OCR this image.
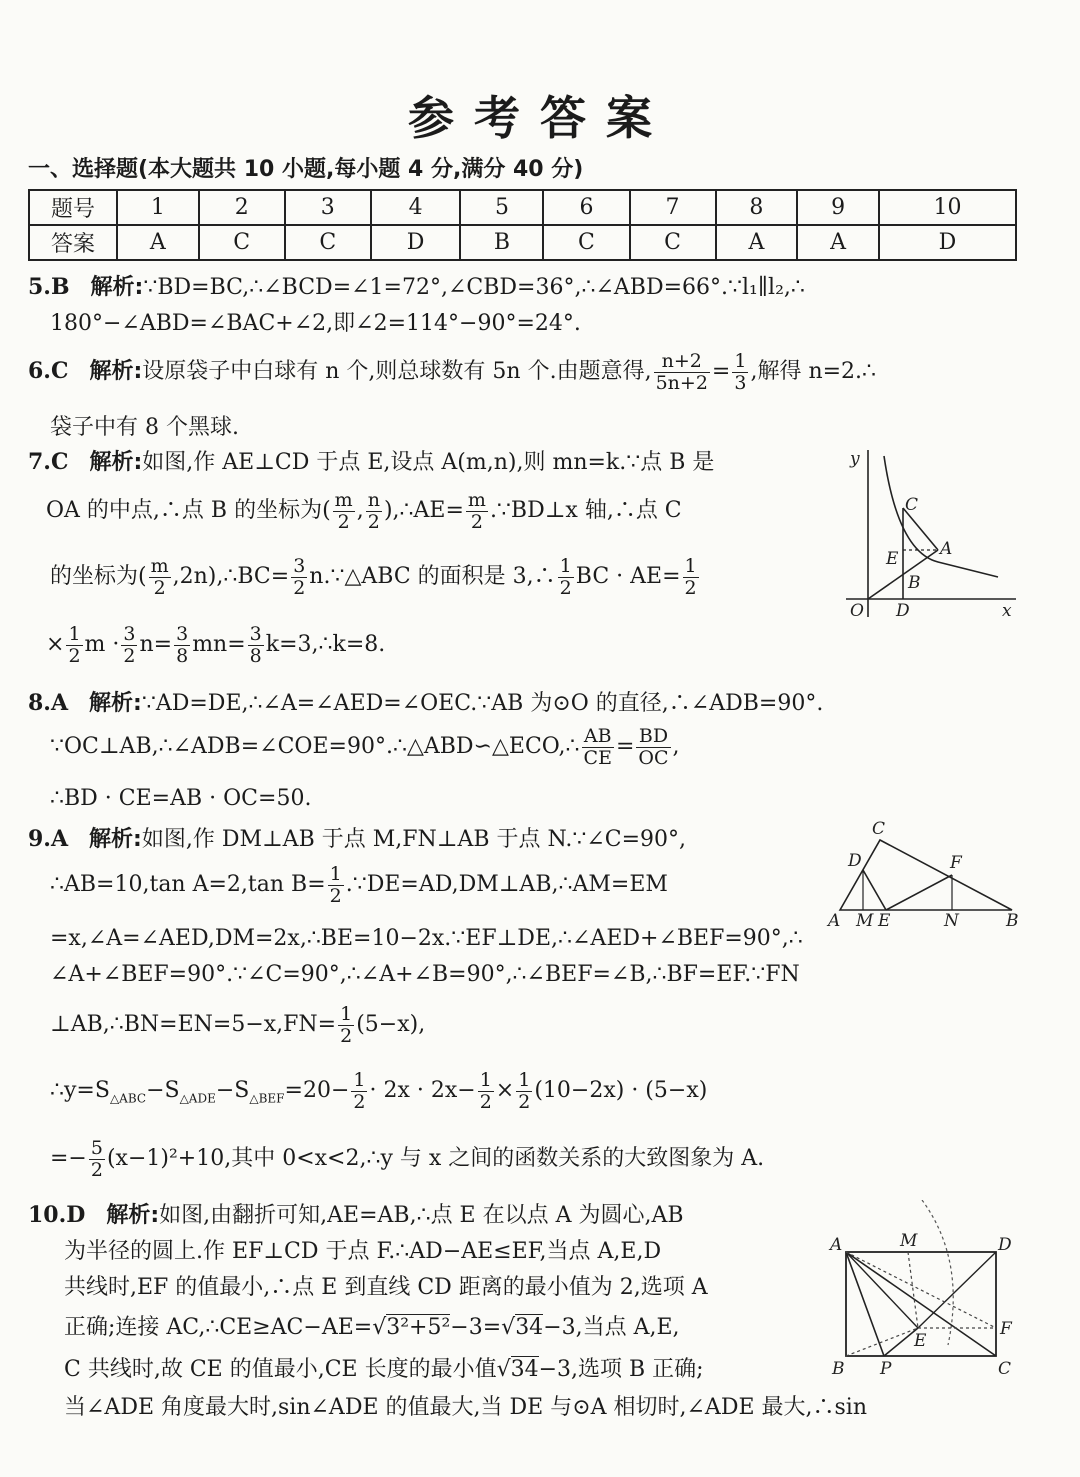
参考答案
一、选择题(本大题共 10 小题,每小题 4 分,满分 40 分)
题号	1	2	3	4	5	6	7	8	9	10
答案	A	C	C	D	B	C	C	A	A	D
5.B 解析:∵BD=BC,∴∠BCD=∠1=72°,∠CBD=36°,∴∠ABD=66°.∵l₁∥l₂,∴
180°−∠ABD=∠BAC+∠2,即∠2=114°−90°=24°.
6.C 解析:设原袋子中白球有 n 个,则总球数有 5n 个.由题意得, $\frac{n+2}{5n+2} = \frac{1}{3}$ ,解得 n=2.∴
袋子中有 8 个黑球.
7.C 解析:如图,作 AE⊥CD 于点 E,设点 A(m,n),则 mn=k.∵点 B 是
OA 的中点,∴点 B 的坐标为( $\frac{m}{2}$ , $\frac{n}{2}$ ),∴AE= $\frac{m}{2}$ .∵BD⊥x 轴,∴点 C
的坐标为( $\frac{m}{2}$ ,2n),∴BC= $\frac{3}{2}$ n.∵△ABC 的面积是 3,∴ $\frac{1}{2}$ BC · $AE= \frac{1}{2}$
× $\frac{1}{2}$ $m \cdot \frac{3}{2} n= \frac{3}{8} mn= \frac{3}{8}$ k=3,∴k=8.
y
C
A
E
B
O D	x
8.A 解析:∵AD=DE,∴∠A=∠AED=∠OEC.∵AB 为⊙O 的直径,∴∠ADB=90°.
∵OC⊥AB,∴∠ADB=∠COE=90°.∴△ABD∽△ECO,∴ $\frac{AB}{CE} = \frac{BD}{OC}$ ,
∴BD · CE=AB · OC=50.
9.A 解析:如图,作 DM⊥AB 于点 M,FN⊥AB 于点 N.∵∠C=90°,
∴AB=10,tan A=2,tan $B= \frac{1}{2}$ .∵DE=AD,DM⊥AB,∴AM=EM
=x,∠A=∠AED,DM=2x,∴BE=10−2x.∵EF⊥DE,∴∠AED+∠BEF=90°,∴
∠A+∠BEF=90°.∵∠C=90°,∴∠A+∠B=90°,∴∠BEF=∠B,∴BF=EF.∵FN
⊥AB,∴BN=EN=5−x,FN= $\frac{1}{2} (5-x)$,
$\therefore y=S_{\triangle ABC}-S_{\triangle ADE}-S_{\triangle BEF}=20- \frac{1}{2} \cdot 2x \cdot 2x- \frac{1}{2} \times \frac{1}{2} (10-2x) \cdot (5-x)$
=− $\frac{5}{2} (x-1)^2+10$,其中 0<x<2,∴y 与 x 之间的函数关系的大致图象为 A.
C
D	F
A M E	N	B
10.D 解析:如图,由翻折可知,AE=AB,∴点 E 在以点 A 为圆心,AB
为半径的圆上.作 EF⊥CD 于点 F.∴AD−AE≤EF,当点 A,E,D
共线时,EF 的值最小,∴点 E 到直线 CD 距离的最小值为 2,选项 A
正确;连接 AC,∴CE≥AC−AE=√3²+5²−3=√34−3,当点 A,E,
C 共线时,故 CE 的值最小,CE 长度的最小值√34−3,选项 B 正确;
当∠ADE 角度最大时,sin∠ADE 的值最大,当 DE 与⊙A 相切时,∠ADE 最大,∴sin
A	M	D
F
E
B P	C
